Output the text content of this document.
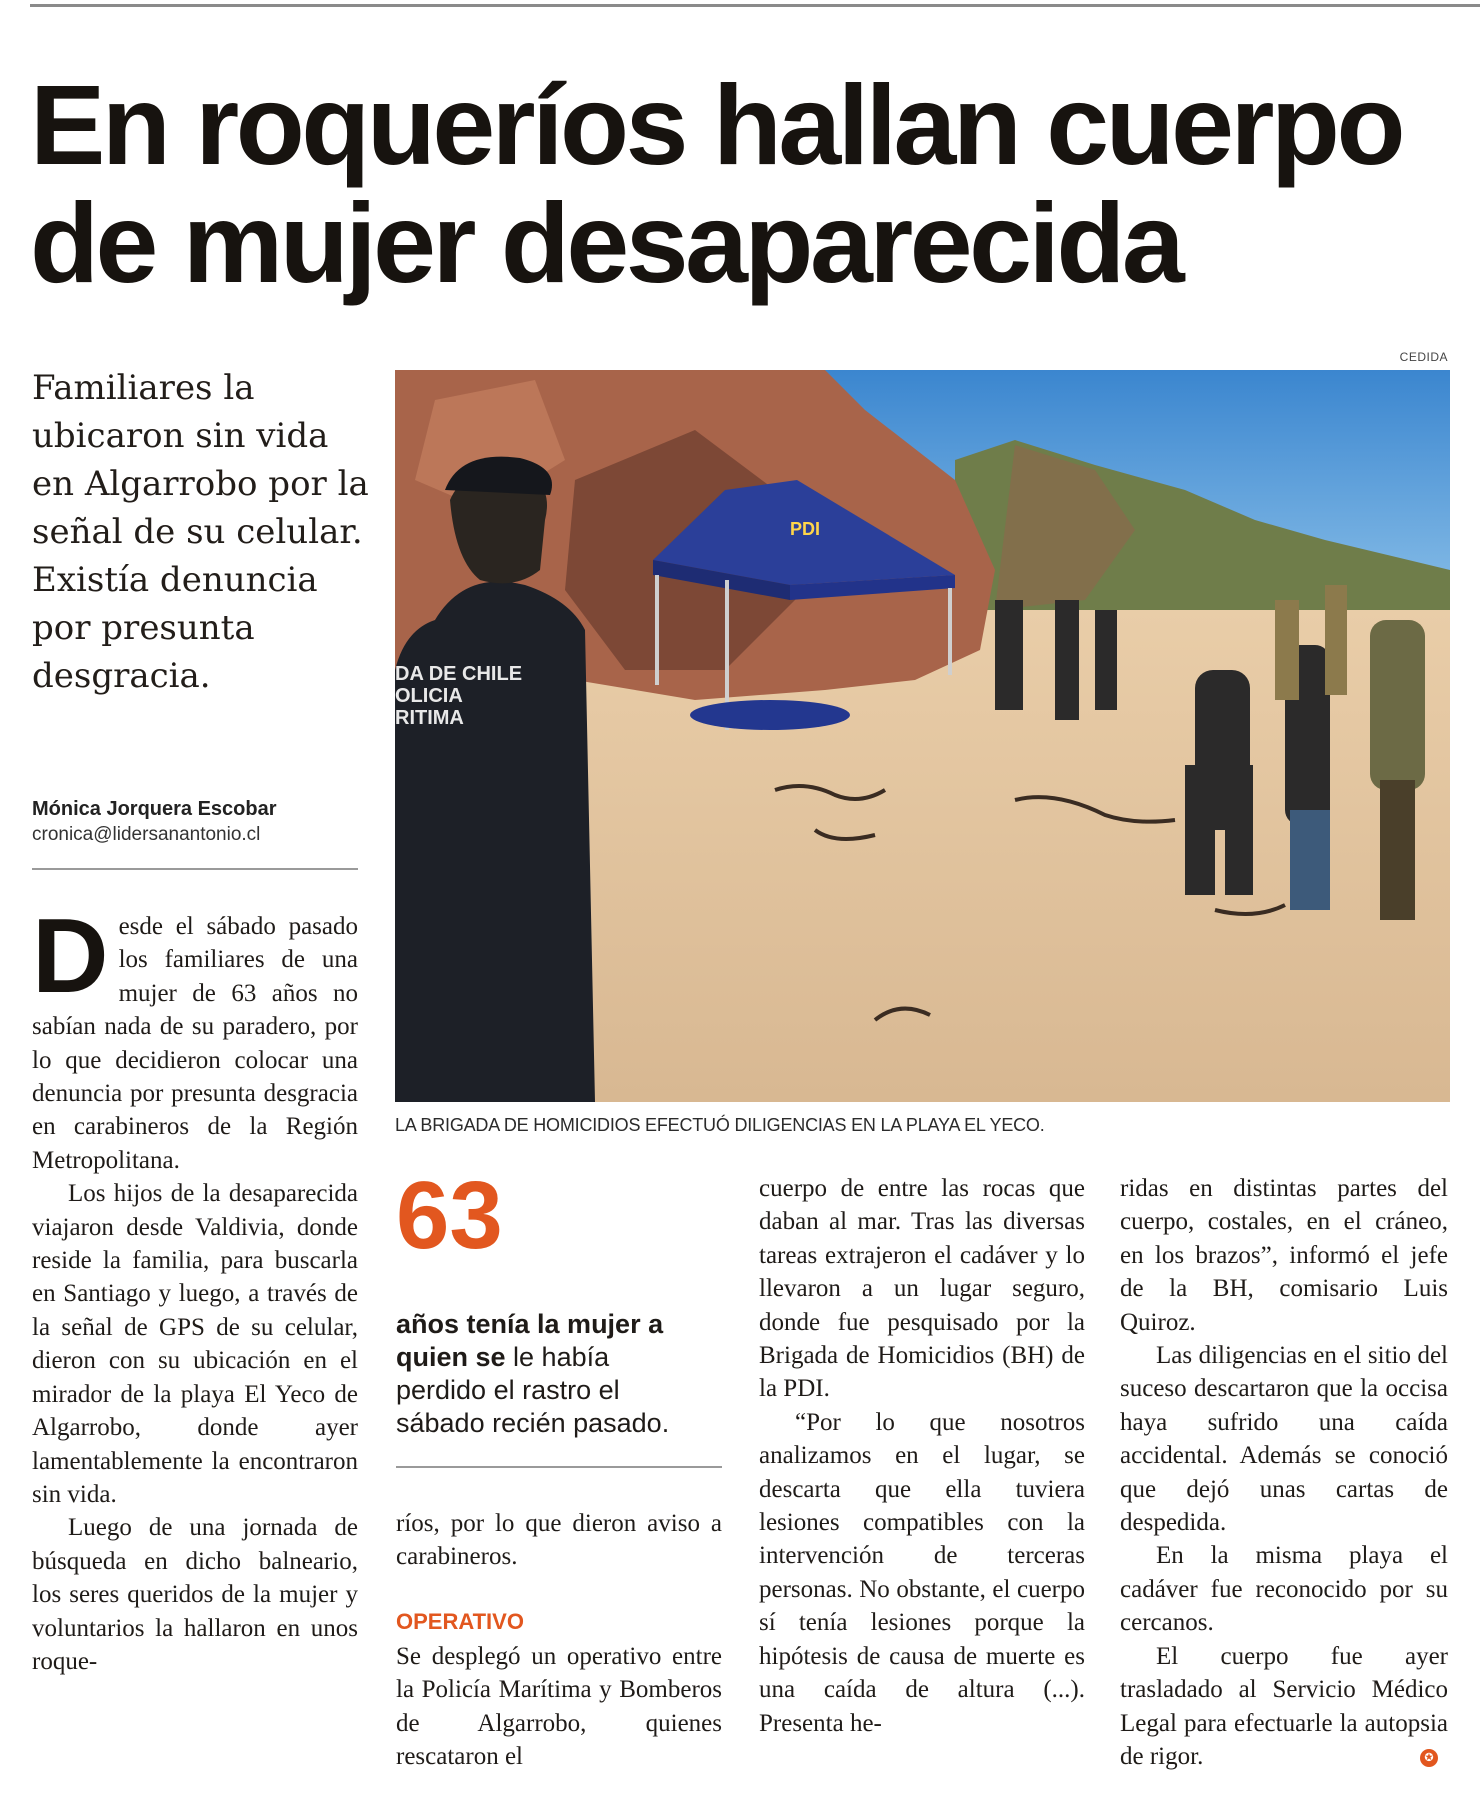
En roqueríos hallan cuerpo de mujer desaparecida

Familiares la ubicaron sin vida en Algarrobo por la señal de su celular. Existía denuncia por presunta desgracia.

Mónica Jorquera Escobar
cronica@lidersanantonio.cl
CEDIDA
PDI
DA DE CHILE OLICIA RITIMA
LA BRIGADA DE HOMICIDIOS EFECTUÓ DILIGENCIAS EN LA PLAYA EL YECO.

Desde el sábado pasado los familiares de una mujer de 63 años no sabían nada de su paradero, por lo que decidieron colocar una denuncia por presunta desgracia en carabineros de la Región Metropolitana.

Los hijos de la desaparecida viajaron desde Valdivia, donde reside la familia, para buscarla en Santiago y luego, a través de la señal de GPS de su celular, dieron con su ubicación en el mirador de la playa El Yeco de Algarrobo, donde ayer lamentablemente la encontraron sin vida.

Luego de una jornada de búsqueda en dicho balneario, los seres queridos de la mujer y voluntarios la hallaron en unos roque-

63

años tenía la mujer a quien se le había perdido el rastro el sábado recién pasado.

ríos, por lo que dieron aviso a carabineros.

OPERATIVO

Se desplegó un operativo entre la Policía Marítima y Bomberos de Algarrobo, quienes rescataron el

cuerpo de entre las rocas que daban al mar. Tras las diversas tareas extrajeron el cadáver y lo llevaron a un lugar seguro, donde fue pesquisado por la Brigada de Homicidios (BH) de la PDI.

“Por lo que nosotros analizamos en el lugar, se descarta que ella tuviera lesiones compatibles con la intervención de terceras personas. No obstante, el cuerpo sí tenía lesiones porque la hipótesis de causa de muerte es una caída de altura (...). Presenta he-

ridas en distintas partes del cuerpo, costales, en el cráneo, en los brazos”, informó el jefe de la BH, comisario Luis Quiroz.

Las diligencias en el sitio del suceso descartaron que la occisa haya sufrido una caída accidental. Además se conoció que dejó unas cartas de despedida.

En la misma playa el cadáver fue reconocido por su cercanos.

El cuerpo fue ayer trasladado al Servicio Médico Legal para efectuarle la autopsia de rigor.	✪
